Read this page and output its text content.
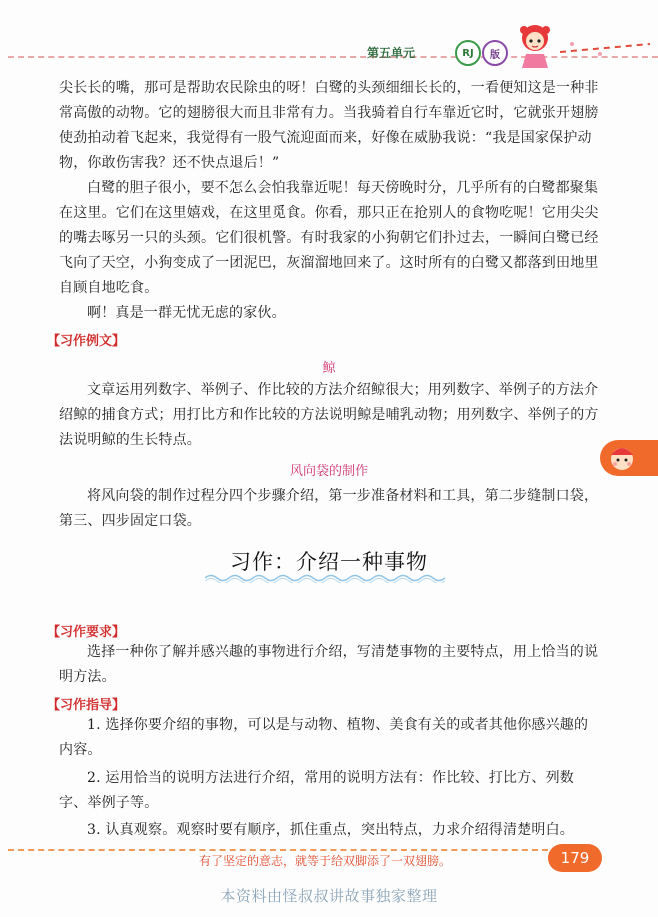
第五单元	RJ	版
尖长长的嘴，那可是帮助农民除虫的呀！白鹭的头颈细细长长的，一看便知这是一种非常高傲的动物。它的翅膀很大而且非常有力。当我骑着自行车靠近它时，它就张开翅膀使劲拍动着飞起来，我觉得有一股气流迎面而来，好像在威胁我说：“我是国家保护动物，你敢伤害我？还不快点退后！”
白鹭的胆子很小，要不怎么会怕我靠近呢！每天傍晚时分，几乎所有的白鹭都聚集在这里。它们在这里嬉戏，在这里觅食。你看，那只正在抢别人的食物吃呢！它用尖尖的嘴去啄另一只的头颈。它们很机警。有时我家的小狗朝它们扑过去，一瞬间白鹭已经飞向了天空，小狗变成了一团泥巴，灰溜溜地回来了。这时所有的白鹭又都落到田地里自顾自地吃食。
啊！真是一群无忧无虑的家伙。
【习作例文】
鲸
文章运用列数字、举例子、作比较的方法介绍鲸很大；用列数字、举例子的方法介绍鲸的捕食方式；用打比方和作比较的方法说明鲸是哺乳动物；用列数字、举例子的方法说明鲸的生长特点。
风向袋的制作
将风向袋的制作过程分四个步骤介绍，第一步准备材料和工具，第二步缝制口袋，第三、四步固定口袋。
习作：介绍一种事物
【习作要求】
选择一种你了解并感兴趣的事物进行介绍，写清楚事物的主要特点，用上恰当的说明方法。
【习作指导】
1. 选择你要介绍的事物，可以是与动物、植物、美食有关的或者其他你感兴趣的内容。
2. 运用恰当的说明方法进行介绍，常用的说明方法有：作比较、打比方、列数字、举例子等。
3. 认真观察。观察时要有顺序，抓住重点，突出特点，力求介绍得清楚明白。
有了坚定的意志，就等于给双脚添了一双翅膀。	179
本资料由怪叔叔讲故事独家整理
